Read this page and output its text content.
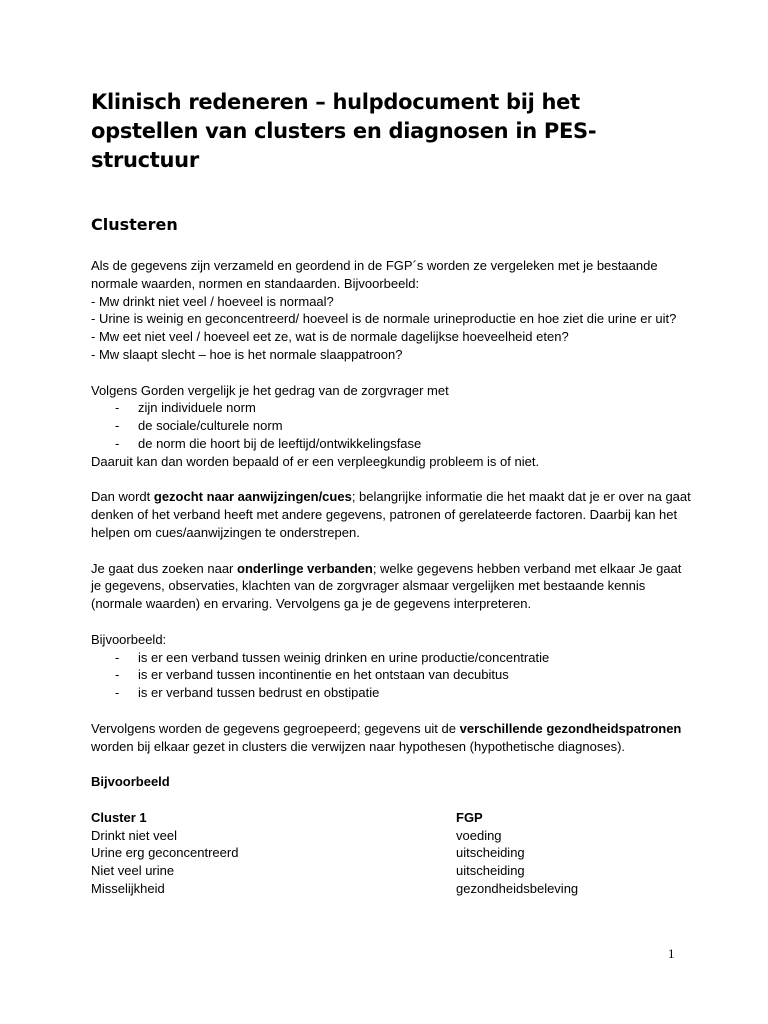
Klinisch redeneren – hulpdocument bij het opstellen van clusters en diagnosen in PES-structuur
Clusteren

Als de gegevens zijn verzameld en geordend in de FGP´s worden ze vergeleken met je bestaande normale waarden, normen en standaarden. Bijvoorbeeld:

- Mw drinkt niet veel / hoeveel is normaal?
- Urine is weinig en geconcentreerd/ hoeveel is de normale urineproductie en hoe ziet die urine er uit?
- Mw eet niet veel / hoeveel eet ze, wat is de normale dagelijkse hoeveelheid eten?
- Mw slaapt slecht – hoe is het normale slaappatroon?

Volgens Gorden vergelijk je het gedrag van de zorgvrager met

- zijn individuele norm
- de sociale/culturele norm
- de norm die hoort bij de leeftijd/ontwikkelingsfase

Daaruit kan dan worden bepaald of er een verpleegkundig probleem is of niet.

Dan wordt gezocht naar aanwijzingen/cues; belangrijke informatie die het maakt dat je er over na gaat denken of het verband heeft met andere gegevens, patronen of gerelateerde factoren. Daarbij kan het helpen om cues/aanwijzingen te onderstrepen.

Je gaat dus zoeken naar onderlinge verbanden; welke gegevens hebben verband met elkaar Je gaat je gegevens, observaties, klachten van de zorgvrager alsmaar vergelijken met bestaande kennis (normale waarden) en ervaring. Vervolgens ga je de gegevens interpreteren.

Bijvoorbeeld:

- is er een verband tussen weinig drinken en urine productie/concentratie
- is er verband tussen incontinentie en het ontstaan van decubitus
- is er verband tussen bedrust en obstipatie

Vervolgens worden de gegevens gegroepeerd; gegevens uit de verschillende gezondheidspatronen worden bij elkaar gezet in clusters die verwijzen naar hypothesen (hypothetische diagnoses).

Bijvoorbeeld
Cluster 1	FGP
Drinkt niet veel	voeding
Urine erg geconcentreerd	uitscheiding
Niet veel urine	uitscheiding
Misselijkheid	gezondheidsbeleving
1
